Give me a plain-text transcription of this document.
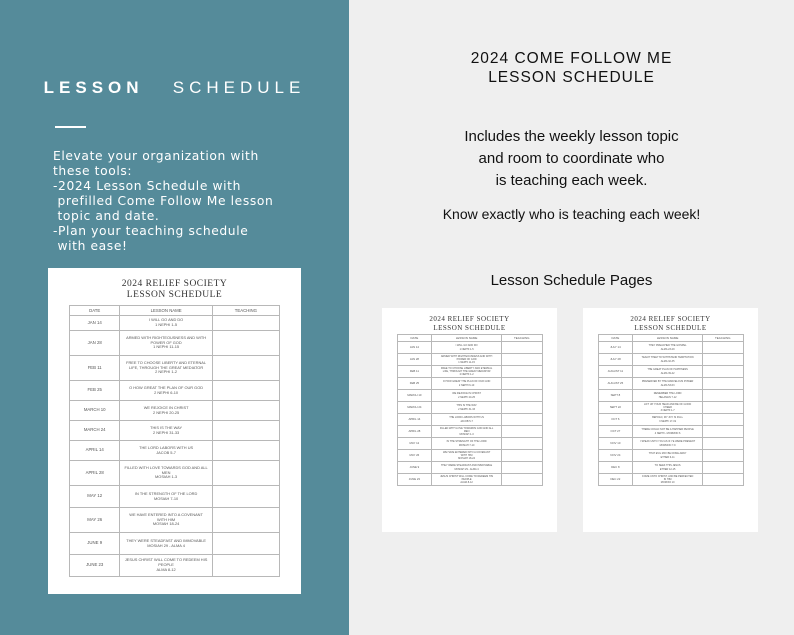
LESSON SCHEDULE
Elevate your organization with
these tools:
-2024 Lesson Schedule with
prefilled Come Follow Me lesson
topic and date.
-Plan your teaching schedule
with ease!
2024 RELIEF SOCIETY
LESSON SCHEDULE
DATE	LESSON NAME	TEACHING
JAN 14	I WILL GO AND DO
1 NEPHI 1-5	
JAN 28	ARMED WITH RIGHTEOUSNESS AND WITH
POWER OF GOD
1 NEPHI 11-15	
FEB 11	FREE TO CHOOSE LIBERTY AND ETERNAL
LIFE, THROUGH THE GREAT MEDIATOR
2 NEPHI 1-2	
FEB 25	O HOW GREAT THE PLAN OF OUR GOD
2 NEPHI 6-10	
MARCH 10	WE REJOICE IN CHRIST
2 NEPHI 20-25	
MARCH 24	THIS IS THE WAY
2 NEPHI 31-33	
APRIL 14	THE LORD LABORS WITH US
JACOB 5-7	
APRIL 28	FILLED WITH LOVE TOWARDS GOD AND ALL
MEN
MOSIAH 1-3	
MAY 12	IN THE STRENGTH OF THE LORD
MOSIAH 7-10	
MAY 26	WE HAVE ENTERED INTO A COVENANT
WITH HIM
MOSIAH 18-24	
JUNE 9	THEY WERE STEADFAST AND IMMOVABLE
MOSIAH 29 - ALMA 4	
JUNE 23	JESUS CHRIST WILL COME TO REDEEM HIS
PEOPLE
ALMA 8-12	
2024 COME FOLLOW ME
LESSON SCHEDULE
Includes the weekly lesson topic
and room to coordinate who
is teaching each week.
Know exactly who is teaching each week!
Lesson Schedule Pages
2024 RELIEF SOCIETY
LESSON SCHEDULE
DATE	LESSON NAME	TEACHING
JAN 14	I WILL GO AND DO
1 NEPHI 1-5	
JAN 28	ARMED WITH RIGHTEOUSNESS AND WITH
POWER OF GOD
1 NEPHI 11-15	
FEB 11	FREE TO CHOOSE LIBERTY AND ETERNAL
LIFE, THROUGH THE GREAT MEDIATOR
2 NEPHI 1-2	
FEB 25	O HOW GREAT THE PLAN OF OUR GOD
2 NEPHI 6-10	
MARCH 10	WE REJOICE IN CHRIST
2 NEPHI 20-25	
MARCH 24	THIS IS THE WAY
2 NEPHI 31-33	
APRIL 14	THE LORD LABORS WITH US
JACOB 5-7	
APRIL 28	FILLED WITH LOVE TOWARDS GOD AND ALL
MEN
MOSIAH 1-3	
MAY 12	IN THE STRENGTH OF THE LORD
MOSIAH 7-10	
MAY 26	WE HAVE ENTERED INTO A COVENANT
WITH HIM
MOSIAH 18-24	
JUNE 9	THEY WERE STEADFAST AND IMMOVABLE
MOSIAH 29 - ALMA 4	
JUNE 23	JESUS CHRIST WILL COME TO REDEEM HIS
PEOPLE
ALMA 8-12	
2024 RELIEF SOCIETY
LESSON SCHEDULE
DATE	LESSON NAME	TEACHING
JULY 14	THEY PREACHED THE GOSPEL
ALMA 23-29	
JULY 28	TEACH THEM TO WITHSTAND TEMPTATION
ALMA 32-35	
AUGUST 11	THE GREAT PLAN OF HAPPINESS
ALMA 39-42	
AUGUST 25	PRESERVED BY THE MARVELOUS POWER
ALMA 53-63	
SEPT 8	REMEMBER THE LORD
HELAMAN 7-12	
SEPT 22	LIFT UP YOUR HEAD AND BE OF GOOD
CHEER
3 NEPHI 1-7	
OCT 6	BEHOLD, MY JOY IS FULL
3 NEPHI 17-19	
OCT 27	THERE COULD NOT BE A HAPPIER PEOPLE
4 NEPHI - MORMON 6	
NOV 10	I SPEAK UNTO YOU AS IF YE WERE PRESENT
MORMON 7-9	
NOV 24	THAT EVIL MAY BE DONE AWAY
ETHER 6-11	
DEC 8	TO SEEK THIS JESUS
ETHER 12-15	
DEC 22	COME UNTO CHRIST, AND BE PERFECTED
IN HIM
MORONI 10	
